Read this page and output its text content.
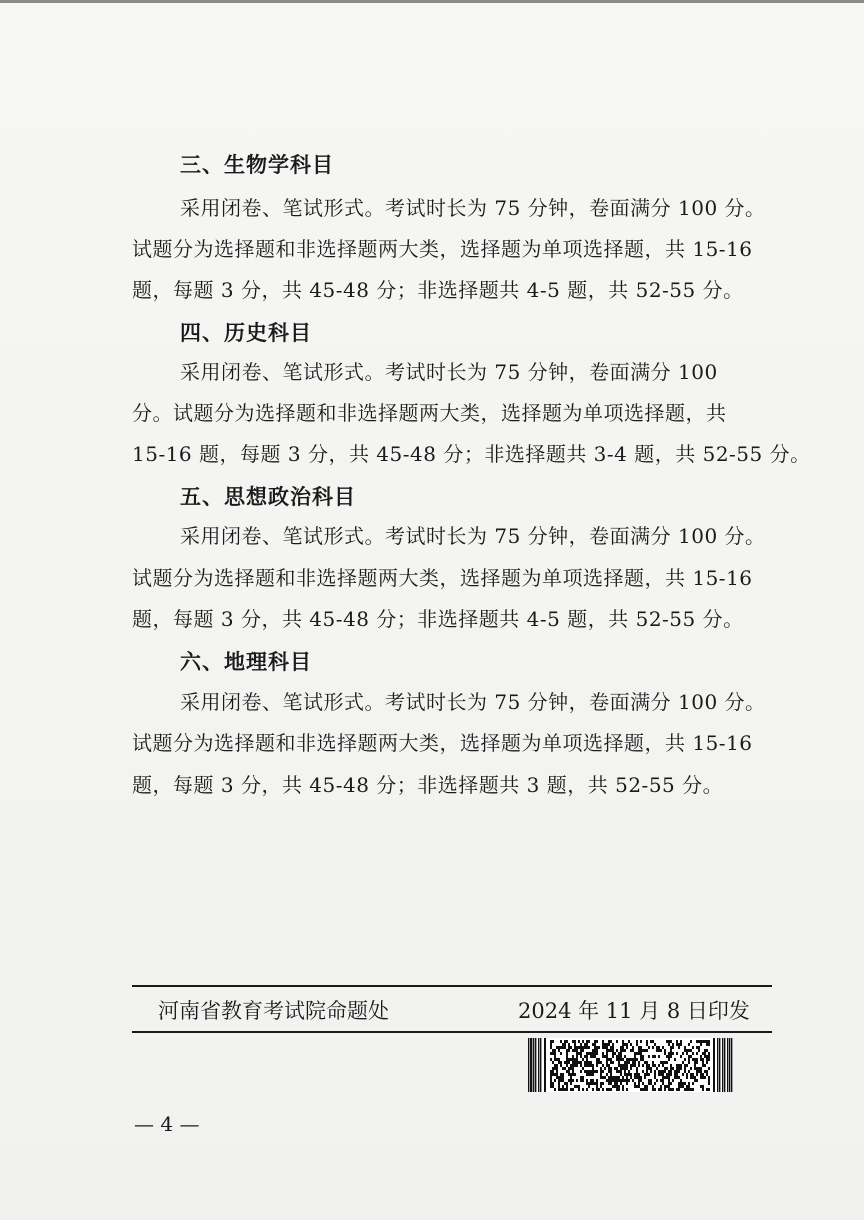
三、生物学科目
采用闭卷、笔试形式。考试时长为 75 分钟，卷面满分 100 分。
试题分为选择题和非选择题两大类，选择题为单项选择题，共 15-16
题，每题 3 分，共 45-48 分；非选择题共 4-5 题，共 52-55 分。
四、历史科目
采用闭卷、笔试形式。考试时长为 75 分钟，卷面满分 100
分。试题分为选择题和非选择题两大类，选择题为单项选择题，共
15-16 题，每题 3 分，共 45-48 分；非选择题共 3-4 题，共 52-55 分。
五、思想政治科目
采用闭卷、笔试形式。考试时长为 75 分钟，卷面满分 100 分。
试题分为选择题和非选择题两大类，选择题为单项选择题，共 15-16
题，每题 3 分，共 45-48 分；非选择题共 4-5 题，共 52-55 分。
六、地理科目
采用闭卷、笔试形式。考试时长为 75 分钟，卷面满分 100 分。
试题分为选择题和非选择题两大类，选择题为单项选择题，共 15-16
题，每题 3 分，共 45-48 分；非选择题共 3 题，共 52-55 分。
河南省教育考试院命题处	2024 年 11 月 8 日印发
— 4 —
